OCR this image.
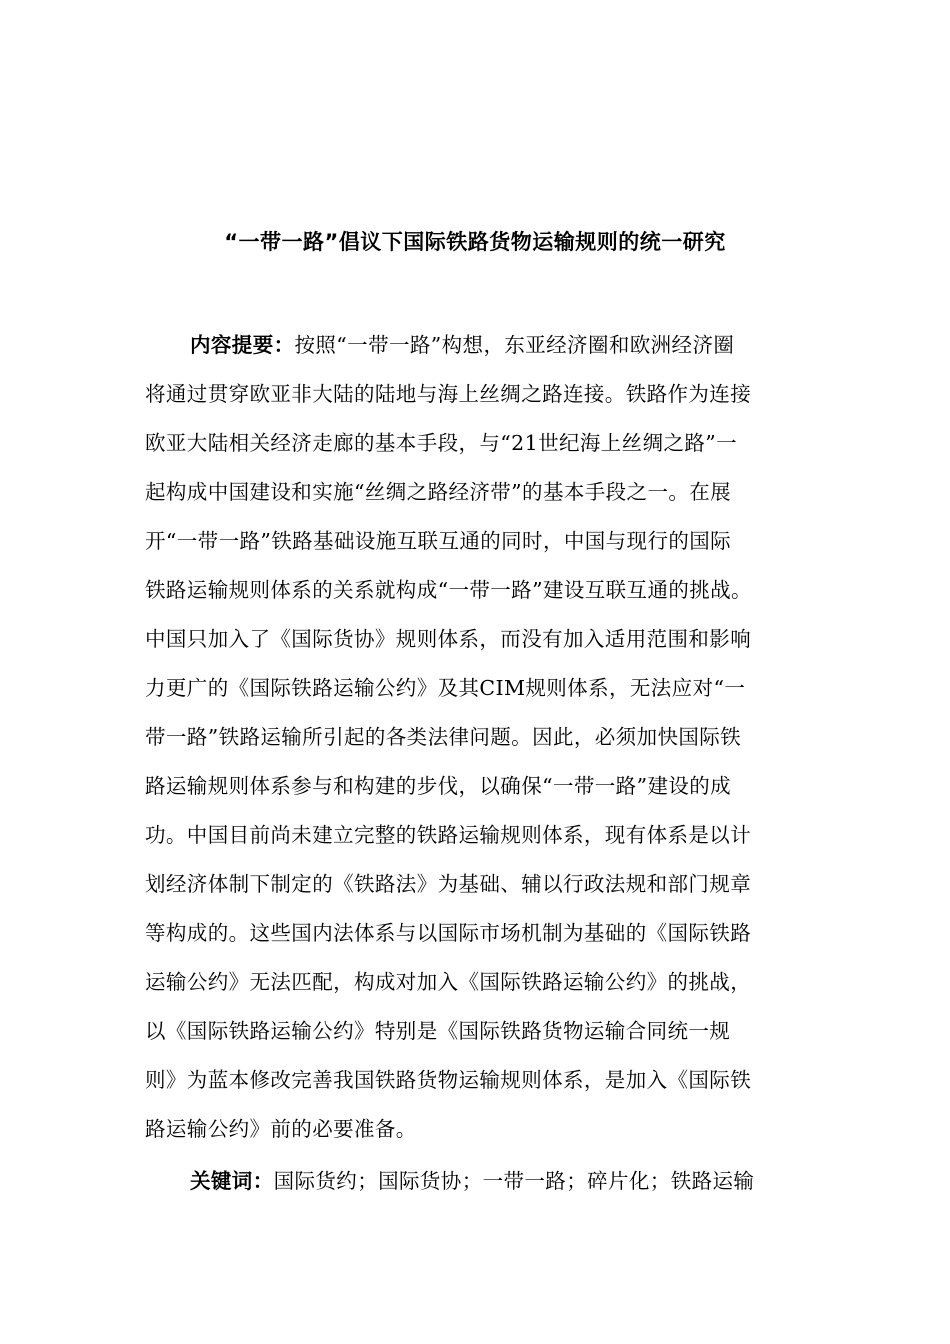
“一带一路”倡议下国际铁路货物运输规则的统一研究
内容提要：按照“一带一路”构想，东亚经济圈和欧洲经济圈
将通过贯穿欧亚非大陆的陆地与海上丝绸之路连接。铁路作为连接
欧亚大陆相关经济走廊的基本手段，与“21世纪海上丝绸之路”一
起构成中国建设和实施“丝绸之路经济带”的基本手段之一。在展
开“一带一路”铁路基础设施互联互通的同时，中国与现行的国际
铁路运输规则体系的关系就构成“一带一路”建设互联互通的挑战。
中国只加入了《国际货协》规则体系，而没有加入适用范围和影响
力更广的《国际铁路运输公约》及其CIM规则体系，无法应对“一
带一路”铁路运输所引起的各类法律问题。因此，必须加快国际铁
路运输规则体系参与和构建的步伐，以确保“一带一路”建设的成
功。中国目前尚未建立完整的铁路运输规则体系，现有体系是以计
划经济体制下制定的《铁路法》为基础、辅以行政法规和部门规章
等构成的。这些国内法体系与以国际市场机制为基础的《国际铁路
运输公约》无法匹配，构成对加入《国际铁路运输公约》的挑战，
以《国际铁路运输公约》特别是《国际铁路货物运输合同统一规
则》为蓝本修改完善我国铁路货物运输规则体系，是加入《国际铁
路运输公约》前的必要准备。
关键词：国际货约；国际货协；一带一路；碎片化；铁路运输
